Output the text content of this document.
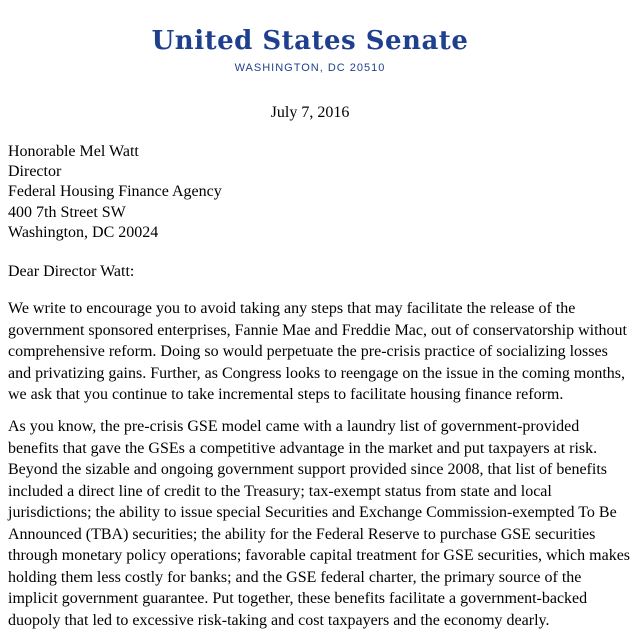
United States Senate
WASHINGTON, DC 20510
July 7, 2016
Honorable Mel Watt
Director
Federal Housing Finance Agency
400 7th Street SW
Washington, DC 20024
Dear Director Watt:
We write to encourage you to avoid taking any steps that may facilitate the release of the
government sponsored enterprises, Fannie Mae and Freddie Mac, out of conservatorship without
comprehensive reform. Doing so would perpetuate the pre-crisis practice of socializing losses
and privatizing gains. Further, as Congress looks to reengage on the issue in the coming months,
we ask that you continue to take incremental steps to facilitate housing finance reform.
As you know, the pre-crisis GSE model came with a laundry list of government-provided
benefits that gave the GSEs a competitive advantage in the market and put taxpayers at risk.
Beyond the sizable and ongoing government support provided since 2008, that list of benefits
included a direct line of credit to the Treasury; tax-exempt status from state and local
jurisdictions; the ability to issue special Securities and Exchange Commission-exempted To Be
Announced (TBA) securities; the ability for the Federal Reserve to purchase GSE securities
through monetary policy operations; favorable capital treatment for GSE securities, which makes
holding them less costly for banks; and the GSE federal charter, the primary source of the
implicit government guarantee. Put together, these benefits facilitate a government-backed
duopoly that led to excessive risk-taking and cost taxpayers and the economy dearly.
